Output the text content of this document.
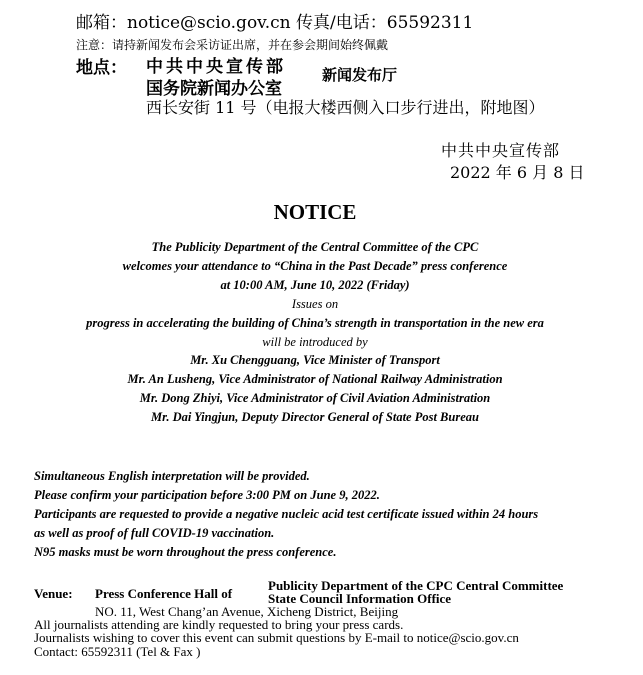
邮箱：notice@scio.gov.cn 传真/电话：65592311
注意：请持新闻发布会采访证出席，并在参会期间始终佩戴
地点： 中共中央宣传部
国务院新闻办公室
新闻发布厅
西长安街 11 号（电报大楼西侧入口步行进出，附地图）
中共中央宣传部
2022 年 6 月 8 日
NOTICE
The Publicity Department of the Central Committee of the CPC
welcomes your attendance to “China in the Past Decade” press conference
at 10:00 AM, June 10, 2022 (Friday)
Issues on
progress in accelerating the building of China’s strength in transportation in the new era
will be introduced by
Mr. Xu Chengguang, Vice Minister of Transport
Mr. An Lusheng, Vice Administrator of National Railway Administration
Mr. Dong Zhiyi, Vice Administrator of Civil Aviation Administration
Mr. Dai Yingjun, Deputy Director General of State Post Bureau
Simultaneous English interpretation will be provided.
Please confirm your participation before 3:00 PM on June 9, 2022.
Participants are requested to provide a negative nucleic acid test certificate issued within 24 hours
as well as proof of full COVID-19 vaccination.
N95 masks must be worn throughout the press conference.
Venue: Press Conference Hall of
Publicity Department of the CPC Central Committee
State Council Information Office
NO. 11, West Chang’an Avenue, Xicheng District, Beijing
All journalists attending are kindly requested to bring your press cards.
Journalists wishing to cover this event can submit questions by E-mail to notice@scio.gov.cn
Contact: 65592311 (Tel & Fax )
